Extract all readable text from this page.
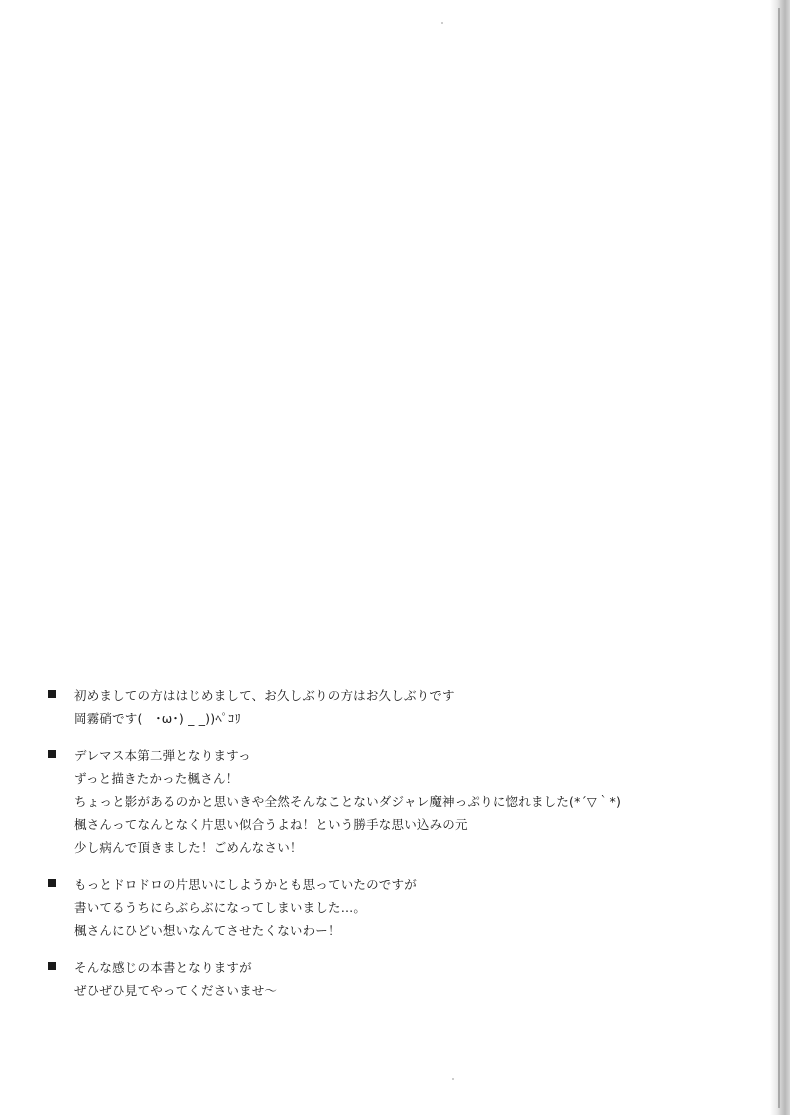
初めましての方ははじめまして、お久しぶりの方はお久しぶりです
岡霧硝です(　･ω･) _ _))ﾍﾟｺﾘ
デレマス本第二弾となりますっ
ずっと描きたかった楓さん！
ちょっと影があるのかと思いきや全然そんなことないダジャレ魔神っぷりに惚れました(*´▽｀*)
楓さんってなんとなく片思い似合うよね！という勝手な思い込みの元
少し病んで頂きました！ごめんなさい！
もっとドロドロの片思いにしようかとも思っていたのですが
書いてるうちにらぶらぶになってしまいました…。
楓さんにひどい想いなんてさせたくないわー！
そんな感じの本書となりますが
ぜひぜひ見てやってくださいませ～
